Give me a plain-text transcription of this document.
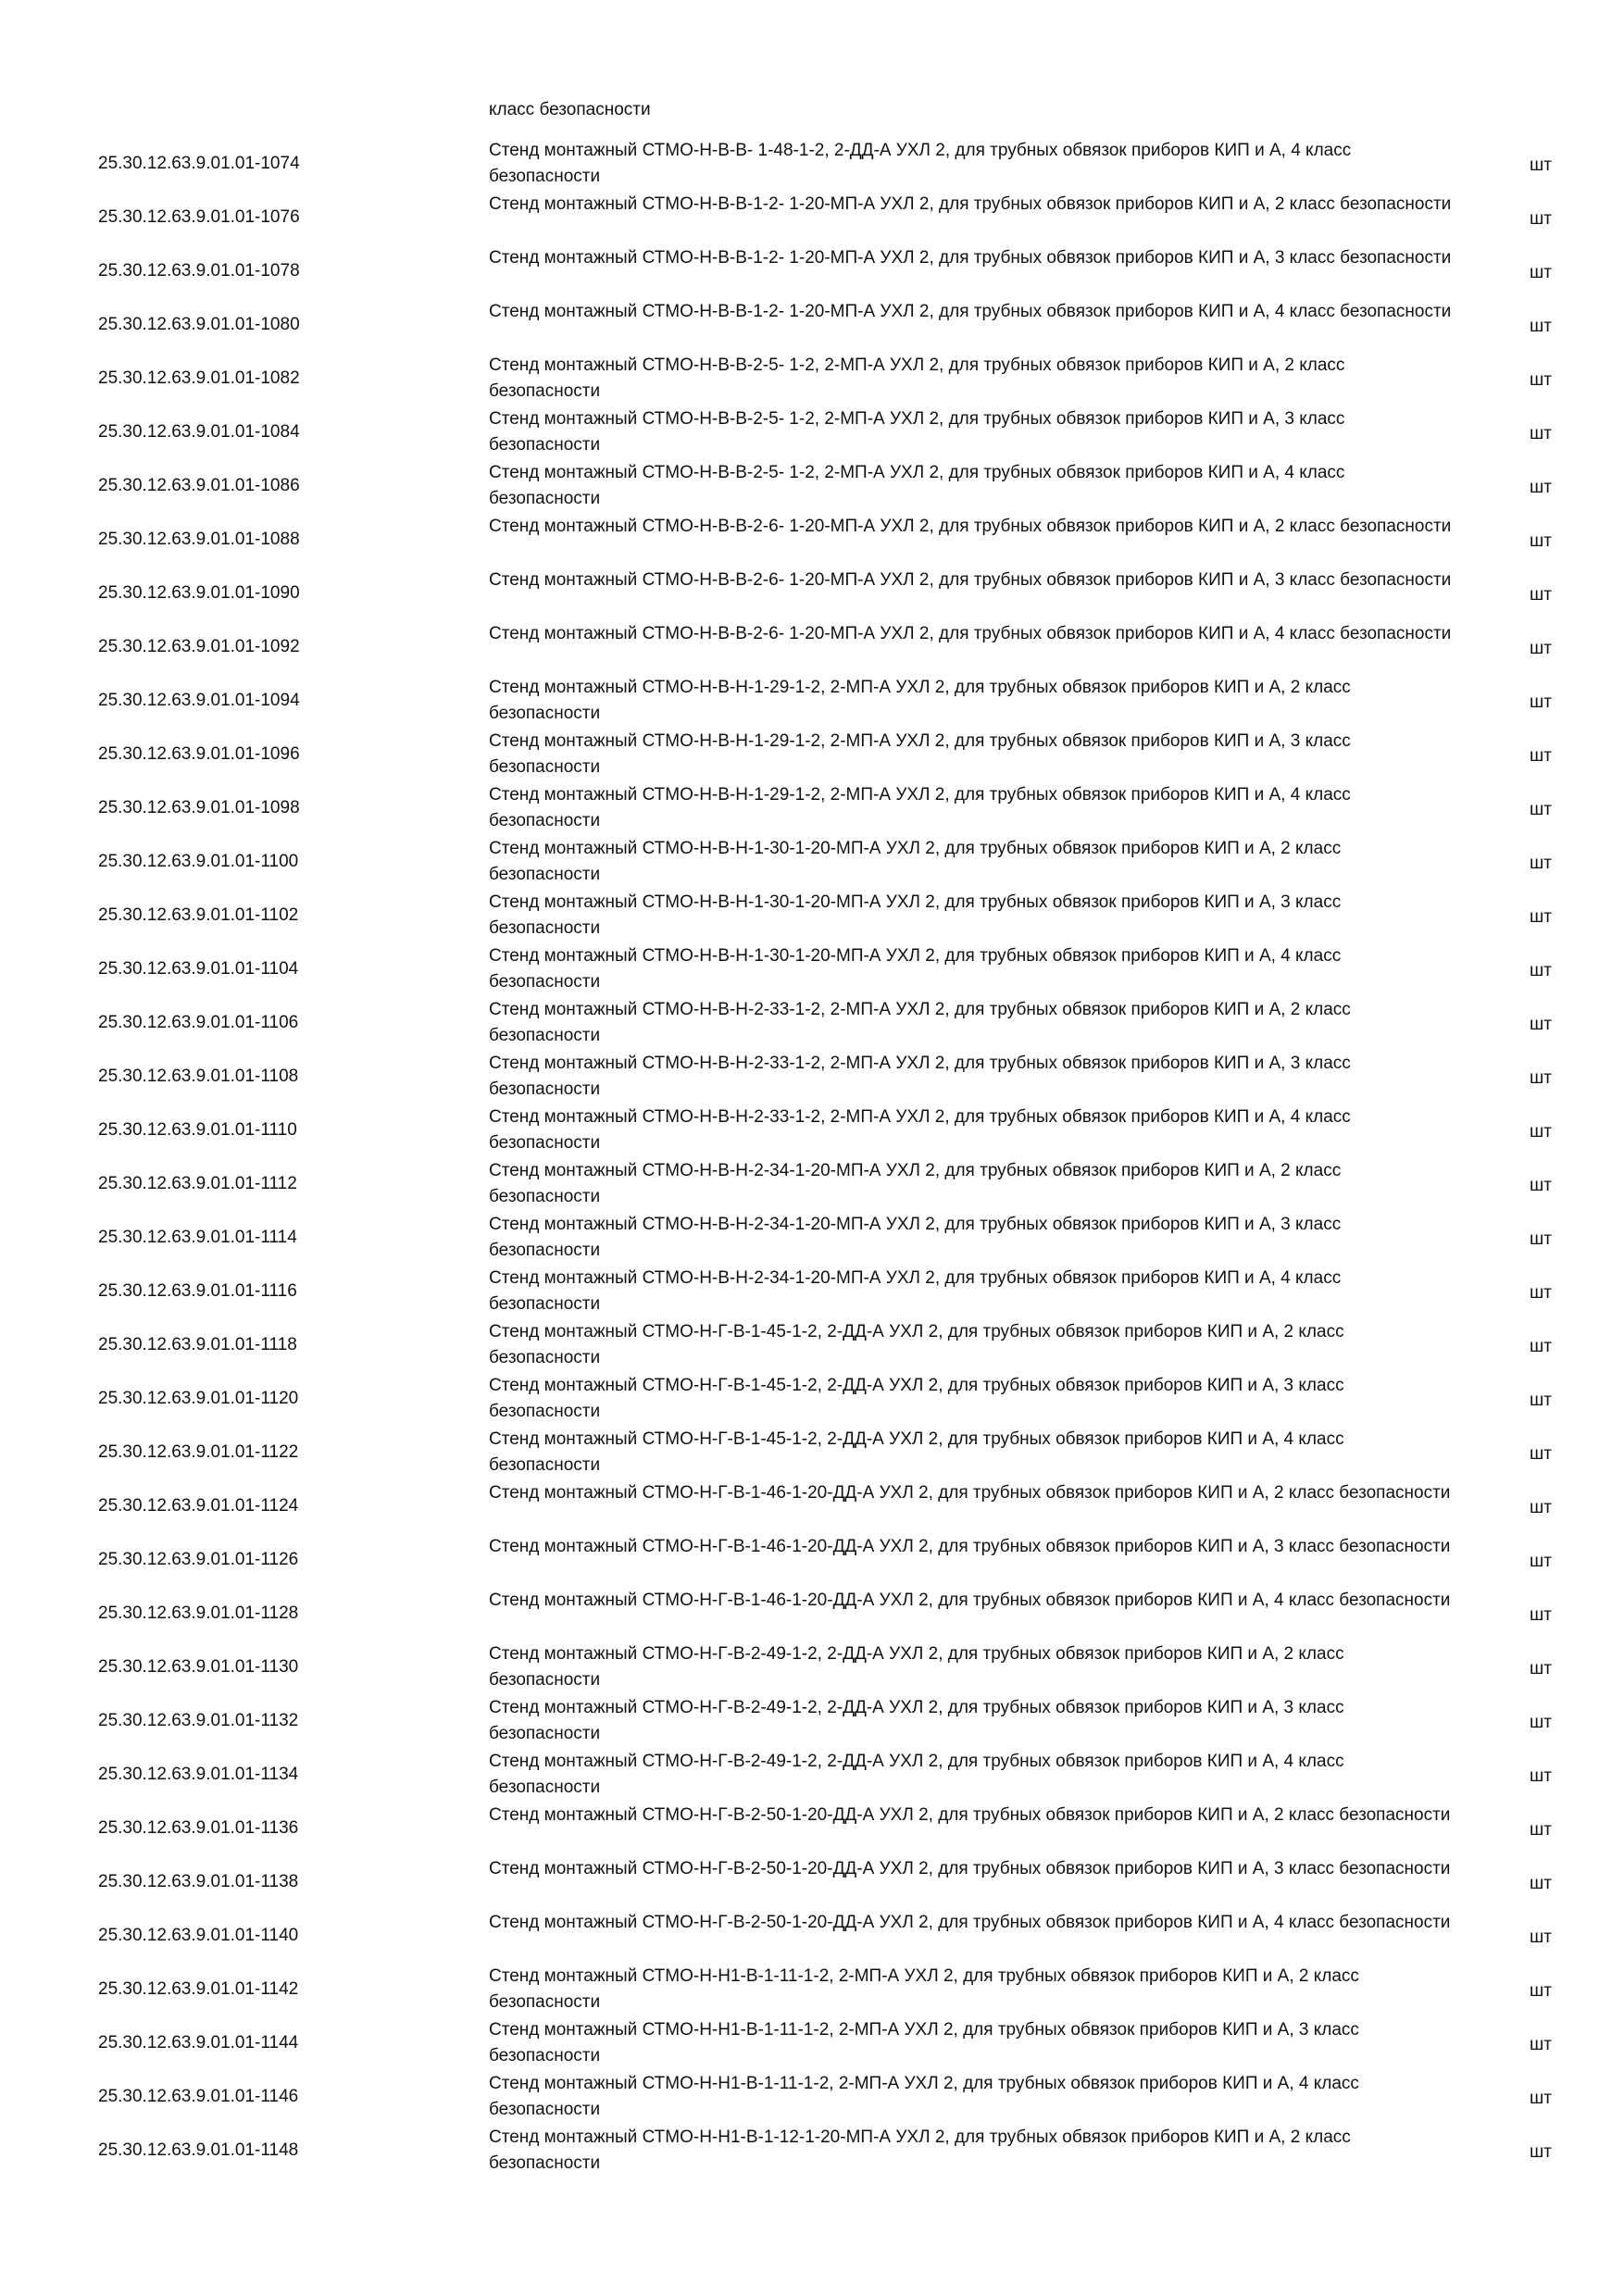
класс безопасности
25.30.12.63.9.01.01-1074
Стенд монтажный СТМО-Н-В-В- 1-48-1-2, 2-ДД-А УХЛ 2, для трубных обвязок приборов КИП и А, 4 класс безопасности
шт
25.30.12.63.9.01.01-1076
Стенд монтажный СТМО-Н-В-В-1-2- 1-20-МП-А УХЛ 2, для трубных обвязок приборов КИП и А, 2 класс безопасности
шт
25.30.12.63.9.01.01-1078
Стенд монтажный СТМО-Н-В-В-1-2- 1-20-МП-А УХЛ 2, для трубных обвязок приборов КИП и А, 3 класс безопасности
шт
25.30.12.63.9.01.01-1080
Стенд монтажный СТМО-Н-В-В-1-2- 1-20-МП-А УХЛ 2, для трубных обвязок приборов КИП и А, 4 класс безопасности
шт
25.30.12.63.9.01.01-1082
Стенд монтажный СТМО-Н-В-В-2-5- 1-2, 2-МП-А УХЛ 2, для трубных обвязок приборов КИП и А, 2 класс безопасности
шт
25.30.12.63.9.01.01-1084
Стенд монтажный СТМО-Н-В-В-2-5- 1-2, 2-МП-А УХЛ 2, для трубных обвязок приборов КИП и А, 3 класс безопасности
шт
25.30.12.63.9.01.01-1086
Стенд монтажный СТМО-Н-В-В-2-5- 1-2, 2-МП-А УХЛ 2, для трубных обвязок приборов КИП и А, 4 класс безопасности
шт
25.30.12.63.9.01.01-1088
Стенд монтажный СТМО-Н-В-В-2-6- 1-20-МП-А УХЛ 2, для трубных обвязок приборов КИП и А, 2 класс безопасности
шт
25.30.12.63.9.01.01-1090
Стенд монтажный СТМО-Н-В-В-2-6- 1-20-МП-А УХЛ 2, для трубных обвязок приборов КИП и А, 3 класс безопасности
шт
25.30.12.63.9.01.01-1092
Стенд монтажный СТМО-Н-В-В-2-6- 1-20-МП-А УХЛ 2, для трубных обвязок приборов КИП и А, 4 класс безопасности
шт
25.30.12.63.9.01.01-1094
Стенд монтажный СТМО-Н-В-Н-1-29-1-2, 2-МП-А УХЛ 2, для трубных обвязок приборов КИП и А, 2 класс безопасности
шт
25.30.12.63.9.01.01-1096
Стенд монтажный СТМО-Н-В-Н-1-29-1-2, 2-МП-А УХЛ 2, для трубных обвязок приборов КИП и А, 3 класс безопасности
шт
25.30.12.63.9.01.01-1098
Стенд монтажный СТМО-Н-В-Н-1-29-1-2, 2-МП-А УХЛ 2, для трубных обвязок приборов КИП и А, 4 класс безопасности
шт
25.30.12.63.9.01.01-1100
Стенд монтажный СТМО-Н-В-Н-1-30-1-20-МП-А УХЛ 2, для трубных обвязок приборов КИП и А, 2 класс безопасности
шт
25.30.12.63.9.01.01-1102
Стенд монтажный СТМО-Н-В-Н-1-30-1-20-МП-А УХЛ 2, для трубных обвязок приборов КИП и А, 3 класс безопасности
шт
25.30.12.63.9.01.01-1104
Стенд монтажный СТМО-Н-В-Н-1-30-1-20-МП-А УХЛ 2, для трубных обвязок приборов КИП и А, 4 класс безопасности
шт
25.30.12.63.9.01.01-1106
Стенд монтажный СТМО-Н-В-Н-2-33-1-2, 2-МП-А УХЛ 2, для трубных обвязок приборов КИП и А, 2 класс безопасности
шт
25.30.12.63.9.01.01-1108
Стенд монтажный СТМО-Н-В-Н-2-33-1-2, 2-МП-А УХЛ 2, для трубных обвязок приборов КИП и А, 3 класс безопасности
шт
25.30.12.63.9.01.01-1110
Стенд монтажный СТМО-Н-В-Н-2-33-1-2, 2-МП-А УХЛ 2, для трубных обвязок приборов КИП и А, 4 класс безопасности
шт
25.30.12.63.9.01.01-1112
Стенд монтажный СТМО-Н-В-Н-2-34-1-20-МП-А УХЛ 2, для трубных обвязок приборов КИП и А, 2 класс безопасности
шт
25.30.12.63.9.01.01-1114
Стенд монтажный СТМО-Н-В-Н-2-34-1-20-МП-А УХЛ 2, для трубных обвязок приборов КИП и А, 3 класс безопасности
шт
25.30.12.63.9.01.01-1116
Стенд монтажный СТМО-Н-В-Н-2-34-1-20-МП-А УХЛ 2, для трубных обвязок приборов КИП и А, 4 класс безопасности
шт
25.30.12.63.9.01.01-1118
Стенд монтажный СТМО-Н-Г-В-1-45-1-2, 2-ДД-А УХЛ 2, для трубных обвязок приборов КИП и А, 2 класс безопасности
шт
25.30.12.63.9.01.01-1120
Стенд монтажный СТМО-Н-Г-В-1-45-1-2, 2-ДД-А УХЛ 2, для трубных обвязок приборов КИП и А, 3 класс безопасности
шт
25.30.12.63.9.01.01-1122
Стенд монтажный СТМО-Н-Г-В-1-45-1-2, 2-ДД-А УХЛ 2, для трубных обвязок приборов КИП и А, 4 класс безопасности
шт
25.30.12.63.9.01.01-1124
Стенд монтажный СТМО-Н-Г-В-1-46-1-20-ДД-А УХЛ 2, для трубных обвязок приборов КИП и А, 2 класс безопасности
шт
25.30.12.63.9.01.01-1126
Стенд монтажный СТМО-Н-Г-В-1-46-1-20-ДД-А УХЛ 2, для трубных обвязок приборов КИП и А, 3 класс безопасности
шт
25.30.12.63.9.01.01-1128
Стенд монтажный СТМО-Н-Г-В-1-46-1-20-ДД-А УХЛ 2, для трубных обвязок приборов КИП и А, 4 класс безопасности
шт
25.30.12.63.9.01.01-1130
Стенд монтажный СТМО-Н-Г-В-2-49-1-2, 2-ДД-А УХЛ 2, для трубных обвязок приборов КИП и А, 2 класс безопасности
шт
25.30.12.63.9.01.01-1132
Стенд монтажный СТМО-Н-Г-В-2-49-1-2, 2-ДД-А УХЛ 2, для трубных обвязок приборов КИП и А, 3 класс безопасности
шт
25.30.12.63.9.01.01-1134
Стенд монтажный СТМО-Н-Г-В-2-49-1-2, 2-ДД-А УХЛ 2, для трубных обвязок приборов КИП и А, 4 класс безопасности
шт
25.30.12.63.9.01.01-1136
Стенд монтажный СТМО-Н-Г-В-2-50-1-20-ДД-А УХЛ 2, для трубных обвязок приборов КИП и А, 2 класс безопасности
шт
25.30.12.63.9.01.01-1138
Стенд монтажный СТМО-Н-Г-В-2-50-1-20-ДД-А УХЛ 2, для трубных обвязок приборов КИП и А, 3 класс безопасности
шт
25.30.12.63.9.01.01-1140
Стенд монтажный СТМО-Н-Г-В-2-50-1-20-ДД-А УХЛ 2, для трубных обвязок приборов КИП и А, 4 класс безопасности
шт
25.30.12.63.9.01.01-1142
Стенд монтажный СТМО-Н-Н1-В-1-11-1-2, 2-МП-А УХЛ 2, для трубных обвязок приборов КИП и А, 2 класс безопасности
шт
25.30.12.63.9.01.01-1144
Стенд монтажный СТМО-Н-Н1-В-1-11-1-2, 2-МП-А УХЛ 2, для трубных обвязок приборов КИП и А, 3 класс безопасности
шт
25.30.12.63.9.01.01-1146
Стенд монтажный СТМО-Н-Н1-В-1-11-1-2, 2-МП-А УХЛ 2, для трубных обвязок приборов КИП и А, 4 класс безопасности
шт
25.30.12.63.9.01.01-1148
Стенд монтажный СТМО-Н-Н1-В-1-12-1-20-МП-А УХЛ 2, для трубных обвязок приборов КИП и А, 2 класс безопасности
шт
